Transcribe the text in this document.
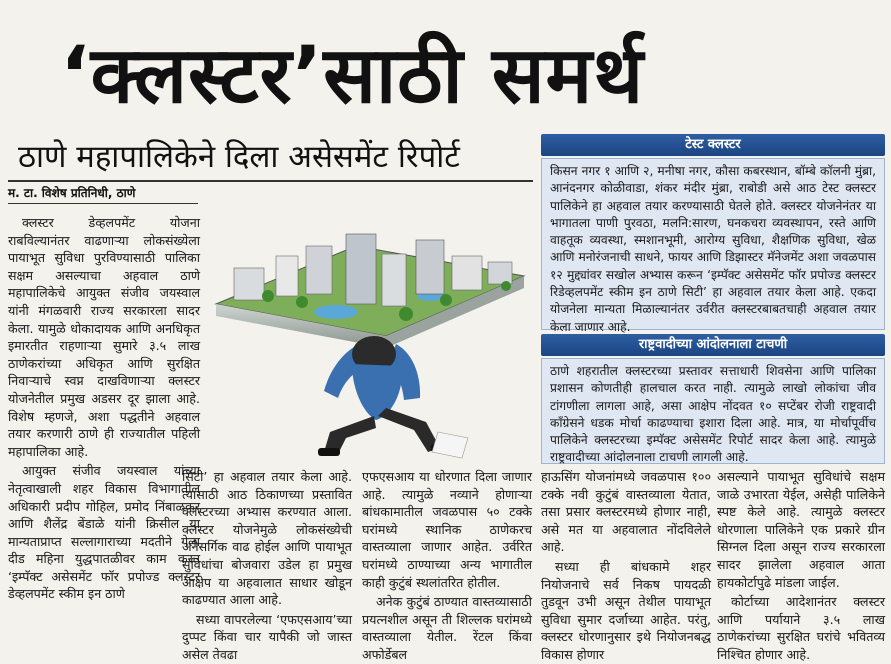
‘क्लस्टर’साठी समर्थ
ठाणे महापालिकेने दिला असेसमेंट रिपोर्ट
म. टा. विशेष प्रतिनिधी, ठाणे
टेस्ट क्लस्टर
किसन नगर १ आणि २, मनीषा नगर, कौसा कबरस्थान, बॉम्बे कॉलनी मुंब्रा, आनंदनगर कोळीवाडा, शंकर मंदीर मुंब्रा, राबोडी असे आठ टेस्ट क्लस्टर पालिकेने हा अहवाल तयार करण्यासाठी घेतले होते. क्लस्टर योजनेनंतर या भागातला पाणी पुरवठा, मलनि:सारण, घनकचरा व्यवस्थापन, रस्ते आणि वाहतूक व्यवस्था, स्मशानभूमी, आरोग्य सुविधा, शैक्षणिक सुविधा, खेळ आणि मनोरंजनाची साधने, फायर आणि डिझास्टर मॅनेजमेंट अशा जवळपास १२ मुद्द्यांवर सखोल अभ्यास करून ‘इम्पॅक्ट असेसमेंट फॉर प्रपोज्ड क्लस्टर रिडेव्हलपमेंट स्कीम इन ठाणे सिटी’ हा अहवाल तयार केला आहे. एकदा योजनेला मान्यता मिळाल्यानंतर उर्वरीत क्लस्टरबाबतचाही अहवाल तयार केला जाणार आहे.
राष्ट्रवादीच्या आंदोलनाला टाचणी
ठाणे शहरातील क्लस्टरच्या प्रस्तावर सत्ताधारी शिवसेना आणि पालिका प्रशासन कोणतीही हालचाल करत नाही. त्यामुळे लाखो लोकांचा जीव टांगणीला लागला आहे, असा आक्षेप नोंदवत १० सप्टेंबर रोजी राष्ट्रवादी कॉंग्रेसने धडक मोर्चा काढण्याचा इशारा दिला आहे. मात्र, या मोर्चापूर्वीच पालिकेने क्लस्टरच्या इम्पॅक्ट असेसमेंट रिपोर्ट सादर केला आहे. त्यामुळे राष्ट्रवादीच्या आंदोलनाला टाचणी लागली आहे.

क्लस्टर डेव्हलपमेंट योजना राबविल्यानंतर वाढणाऱ्या लोकसंख्येला पायाभूत सुविधा पुरविण्यासाठी पालिका सक्षम असल्याचा अहवाल ठाणे महापालिकेचे आयुक्त संजीव जयस्वाल यांनी मंगळवारी राज्य सरकारला सादर केला. यामुळे धोकादायक आणि अनधिकृत इमारतीत राहणाऱ्या सुमारे ३.५ लाख ठाणेकरांच्या अधिकृत आणि सुरक्षित निवाऱ्याचे स्वप्न दाखविणाऱ्या क्लस्टर योजनेतील प्रमुख अडसर दूर झाला आहे. विशेष म्हणजे, अशा पद्धतीने अहवाल तयार करणारी ठाणे ही राज्यातील पहिली महापालिका आहे.

आयुक्त संजीव जयस्वाल यांच्या नेतृत्वाखाली शहर विकास विभागातील अधिकारी प्रदीप गोहिल, प्रमोद निंबाळकर आणि शैलेंद्र बेंडाळे यांनी क्रिसील या मान्यताप्राप्त सल्लागाराच्या मदतीने गेला दीड महिना युद्धपातळीवर काम करत ‘इम्पॅक्ट असेसमेंट फॉर प्रपोज्ड क्लस्टर डेव्हलपमेंट स्कीम इन ठाणे

सिटी’ हा अहवाल तयार केला आहे. त्यासाठी आठ ठिकाणच्या प्रस्तावित क्लस्टरच्या अभ्यास करण्यात आला. क्लस्टर योजनेमुळे लोकसंख्येची अनैसर्गिक वाढ होईल आणि पायाभूत सुविधांचा बोजवारा उडेल हा प्रमुख आक्षेप या अहवालात साधार खोडून काढण्यात आला आहे.

सध्या वापरलेल्या ‘एफएसआय’च्या दुप्पट किंवा चार यापैकी जो जास्त असेल तेवढा

एफएसआय या धोरणात दिला जाणार आहे. त्यामुळे नव्याने होणाऱ्या बांधकामातील जवळपास ५० टक्के घरांमध्ये स्थानिक ठाणेकरच वास्तव्याला जाणार आहेत. उर्वरित घरांमध्ये ठाण्याच्या अन्य भागातील काही कुटुंबं स्थलांतरित होतील.

अनेक कुटुंबं ठाण्यात वास्तव्यासाठी प्रयत्नशील असून ती शिल्लक घरांमध्ये वास्तव्याला येतील. रेंटल किंवा अफोर्डेबल

हाऊसिंग योजनांमध्ये जवळपास १०० टक्के नवी कुटुंबं वास्तव्याला येतात, तसा प्रसार क्लस्टरमध्ये होणार नाही, असे मत या अहवालात नोंदविलेले आहे.

सध्या ही बांधकामे शहर नियोजनाचे सर्व निकष पायदळी तुडवून उभी असून तेथील पायाभूत सुविधा सुमार दर्जाच्या आहेत. परंतु, क्लस्टर धोरणानुसार इथे नियोजनबद्ध विकास होणार

असल्याने पायाभूत सुविधांचे सक्षम जाळे उभारता येईल, असेही पालिकेने स्पष्ट केले आहे. त्यामुळे क्लस्टर धोरणाला पालिकेने एक प्रकारे ग्रीन सिग्नल दिला असून राज्य सरकारला सादर झालेला अहवाल आता हायकोर्टापुढे मांडला जाईल.

कोर्टाच्या आदेशानंतर क्लस्टर आणि पर्यायाने ३.५ लाख ठाणेकरांच्या सुरक्षित घरांचे भवितव्य निश्चित होणार आहे.
